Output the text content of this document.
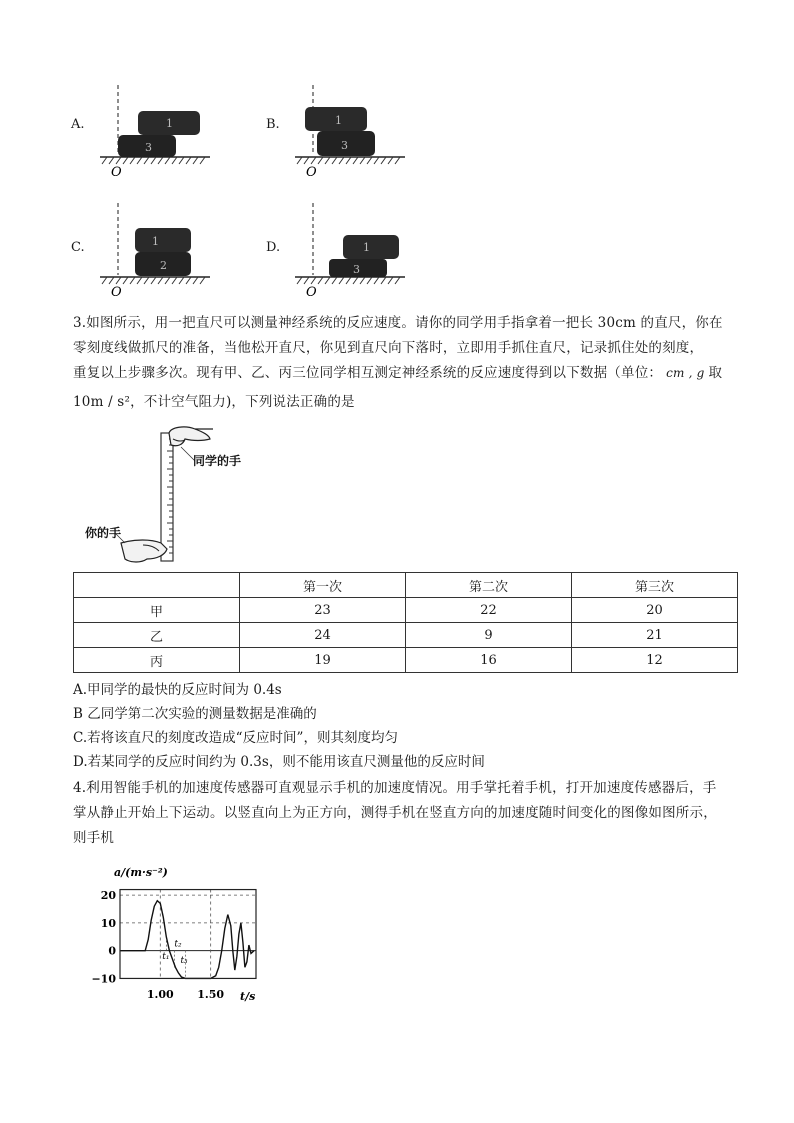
A.	1
3
O
B.	1
3
O
C.	1
2
O
D.	1
3
O
3.如图所示，用一把直尺可以测量神经系统的反应速度。请你的同学用手指拿着一把长 30cm 的直尺，你在
零刻度线做抓尺的准备，当他松开直尺，你见到直尺向下落时，立即用手抓住直尺，记录抓住处的刻度，
重复以上步骤多次。现有甲、乙、丙三位同学相互测定神经系统的反应速度得到以下数据（单位： cm , g 取
10m / s²，不计空气阻力)，下列说法正确的是
同学的手
你的手
	第一次	第二次	第三次
甲	23	22	20
乙	24	9	21
丙	19	16	12
A.甲同学的最快的反应时间为 0.4s
B 乙同学第二次实验的测量数据是准确的
C.若将该直尺的刻度改造成“反应时间”，则其刻度均匀
D.若某同学的反应时间约为 0.3s，则不能用该直尺测量他的反应时间
4.利用智能手机的加速度传感器可直观显示手机的加速度情况。用手掌托着手机，打开加速度传感器后，手
掌从静止开始上下运动。以竖直向上为正方向，测得手机在竖直方向的加速度随时间变化的图像如图所示，
则手机
a/(m·s⁻²)
t/s
20
10
0
−10
1.00 1.50
t₁
t₂
t₃
